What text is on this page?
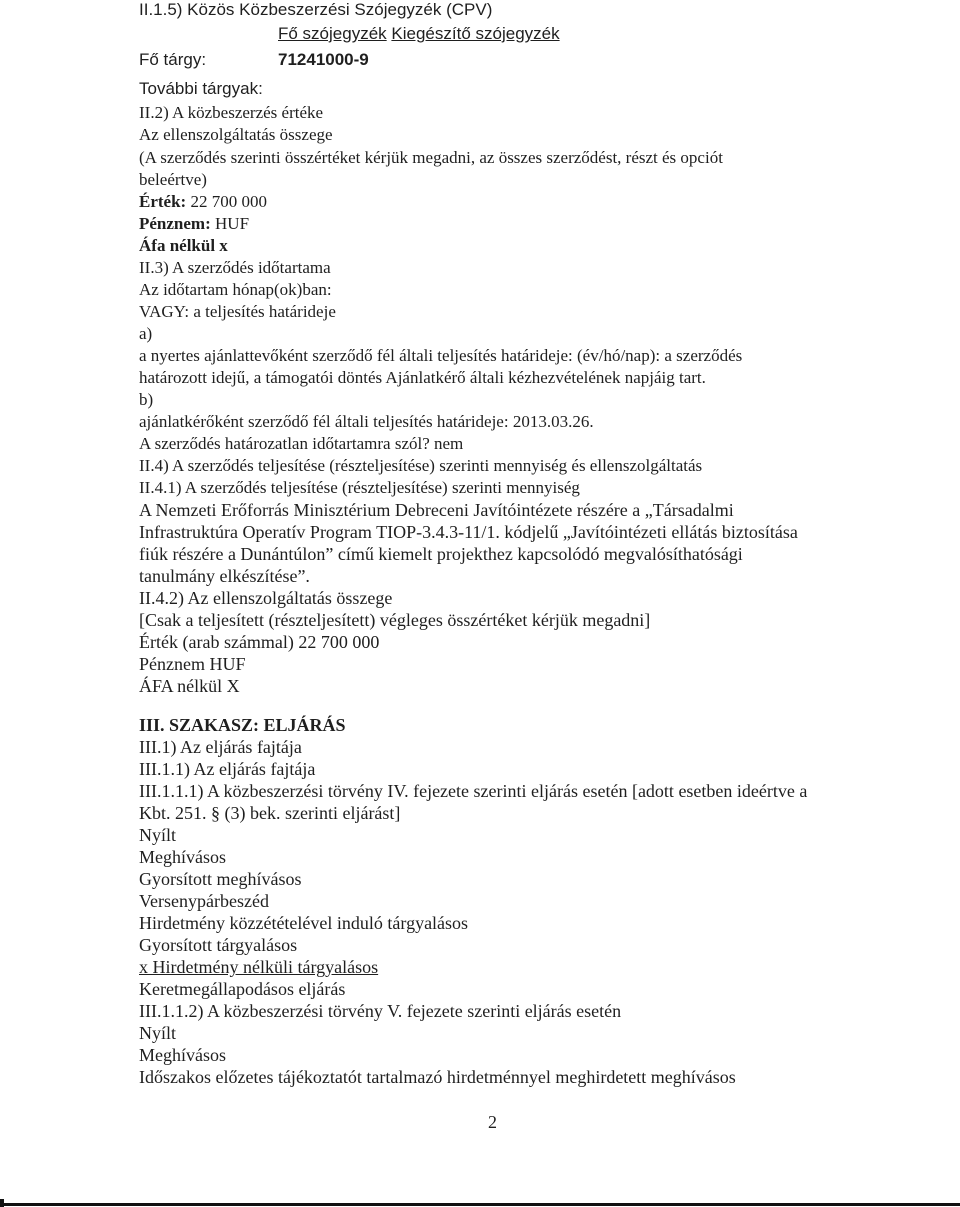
II.1.5) Közös Közbeszerzési Szójegyzék (CPV)
Fő szójegyzék Kiegészítő szójegyzék
Fő tárgy:	71241000-9
További tárgyak:
II.2) A közbeszerzés értéke
Az ellenszolgáltatás összege
(A szerződés szerinti összértéket kérjük megadni, az összes szerződést, részt és opciót
beleértve)
Érték: 22 700 000
Pénznem: HUF
Áfa nélkül x
II.3) A szerződés időtartama
Az időtartam hónap(ok)ban:
VAGY: a teljesítés határideje
a)
a nyertes ajánlattevőként szerződő fél általi teljesítés határideje: (év/hó/nap): a szerződés
határozott idejű, a támogatói döntés Ajánlatkérő általi kézhezvételének napjáig tart.
b)
ajánlatkérőként szerződő fél általi teljesítés határideje: 2013.03.26.
A szerződés határozatlan időtartamra szól? nem
II.4) A szerződés teljesítése (részteljesítése) szerinti mennyiség és ellenszolgáltatás
II.4.1) A szerződés teljesítése (részteljesítése) szerinti mennyiség
A Nemzeti Erőforrás Minisztérium Debreceni Javítóintézete részére a „Társadalmi
Infrastruktúra Operatív Program TIOP-3.4.3-11/1. kódjelű „Javítóintézeti ellátás biztosítása
fiúk részére a Dunántúlon” című kiemelt projekthez kapcsolódó megvalósíthatósági
tanulmány elkészítése”.
II.4.2) Az ellenszolgáltatás összege
[Csak a teljesített (részteljesített) végleges összértéket kérjük megadni]
Érték (arab számmal) 22 700 000
Pénznem HUF
ÁFA nélkül X
III. SZAKASZ: ELJÁRÁS
III.1) Az eljárás fajtája
III.1.1) Az eljárás fajtája
III.1.1.1) A közbeszerzési törvény IV. fejezete szerinti eljárás esetén [adott esetben ideértve a
Kbt. 251. § (3) bek. szerinti eljárást]
Nyílt
Meghívásos
Gyorsított meghívásos
Versenypárbeszéd
Hirdetmény közzétételével induló tárgyalásos
Gyorsított tárgyalásos
x Hirdetmény nélküli tárgyalásos
Keretmegállapodásos eljárás
III.1.1.2) A közbeszerzési törvény V. fejezete szerinti eljárás esetén
Nyílt
Meghívásos
Időszakos előzetes tájékoztatót tartalmazó hirdetménnyel meghirdetett meghívásos
2
